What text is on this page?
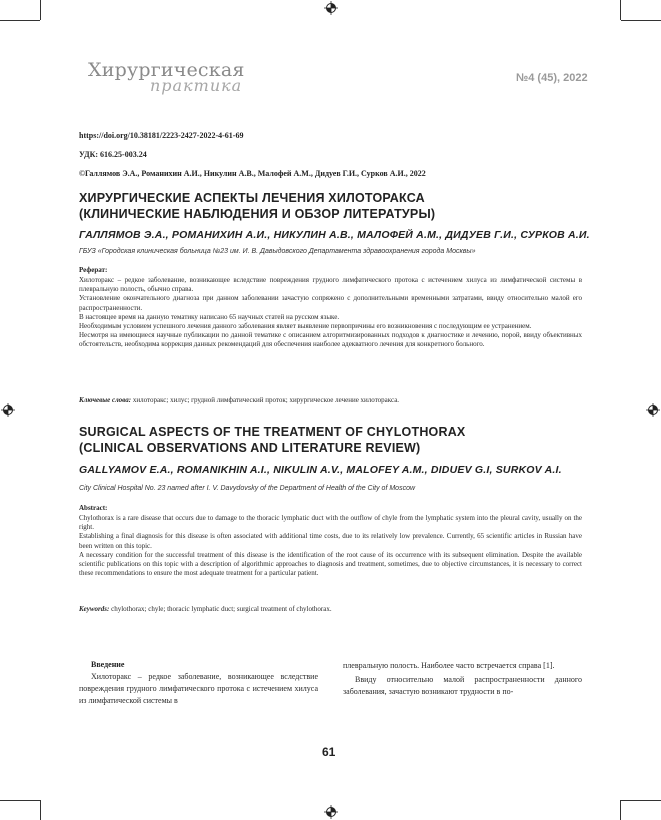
Хирургическая
практика	№4 (45), 2022
https://doi.org/10.38181/2223-2427-2022-4-61-69
УДК: 616.25-003.24
©Галлямов Э.А., Романихин А.И., Никулин А.В., Малофей А.М., Дидуев Г.И., Сурков А.И., 2022
ХИРУРГИЧЕСКИЕ АСПЕКТЫ ЛЕЧЕНИЯ ХИЛОТОРАКСА
(КЛИНИЧЕСКИЕ НАБЛЮДЕНИЯ И ОБЗОР ЛИТЕРАТУРЫ)
ГАЛЛЯМОВ Э.А., РОМАНИХИН А.И., НИКУЛИН А.В., МАЛОФЕЙ А.М., ДИДУЕВ Г.И., СУРКОВ А.И.
ГБУЗ «Городская клиническая больница №23 им. И. В. Давыдовского Департамента здравоохранения города Москвы»
Реферат:

Хилоторакс – редкое заболевание, возникающее вследствие повреждения грудного лимфатического протока с истечением хилуса из лимфатической системы в плевральную полость, обычно справа.

Установление окончательного диагноза при данном заболевании зачастую сопряжено с дополнительными временными затратами, ввиду относительно малой его распространенности.

В настоящее время на данную тематику написано 65 научных статей на русском языке.

Необходимым условием успешного лечения данного заболевания являет выявление первопричины его возникновения с последующим ее устранением.

Несмотря на имеющиеся научные публикации по данной тематике с описанием алгоритмизированных подходов к диагностике и лечению, порой, ввиду объективных обстоятельств, необходима коррекция данных рекомендаций для обеспечения наиболее адекватного лечения для конкретного больного.

Ключевые слова: хилоторакс; хилус; грудной лимфатический проток; хирургическое лечение хилоторакса.
SURGICAL ASPECTS OF THE TREATMENT OF CHYLOTHORAX
(CLINICAL OBSERVATIONS AND LITERATURE REVIEW)
GALLYAMOV E.A., ROMANIKHIN A.I., NIKULIN A.V., MALOFEY A.M., DIDUEV G.I, SURKOV A.I.
City Clinical Hospital No. 23 named after I. V. Davydovsky of the Department of Health of the City of Moscow
Abstract:

Chylothorax is a rare disease that occurs due to damage to the thoracic lymphatic duct with the outflow of chyle from the lymphatic system into the pleural cavity, usually on the right.

Establishing a final diagnosis for this disease is often associated with additional time costs, due to its relatively low prevalence. Currently, 65 scientific articles in Russian have been written on this topic.

A necessary condition for the successful treatment of this disease is the identification of the root cause of its occurrence with its subsequent elimination. Despite the available scientific publications on this topic with a description of algorithmic approaches to diagnosis and treatment, sometimes, due to objective circumstances, it is necessary to correct these recommendations to ensure the most adequate treatment for a particular patient.

Keywords: chylothorax; chyle; thoracic lymphatic duct; surgical treatment of chylothorax.
Введение

Хилоторакс – редкое заболевание, возникающее вследствие повреждения грудного лимфатического протока с истечением хилуса из лимфатической системы в

плевральную полость. Наиболее часто встречается справа [1].

Ввиду относительно малой распространенности данного заболевания, зачастую возникают трудности в по-

61
